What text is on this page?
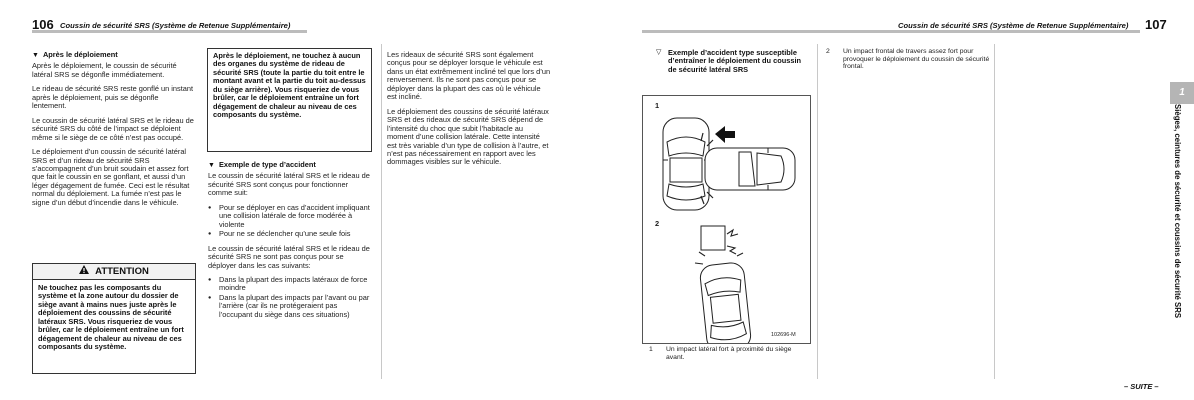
106 Coussin de sécurité SRS (Système de Retenue Supplémentaire)	Coussin de sécurité SRS (Système de Retenue Supplémentaire) 107
▼ Après le déploiement

Après le déploiement, le coussin de sécurité latéral SRS se dégonfle immédiatement.

Le rideau de sécurité SRS reste gonflé un instant après le déploiement, puis se dégonfle lentement.

Le coussin de sécurité latéral SRS et le rideau de sécurité SRS du côté de l’impact se déploient même si le siège de ce côté n’est pas occupé.

Le déploiement d’un coussin de sécurité latéral SRS et d’un rideau de sécurité SRS s’accompagnent d’un bruit soudain et assez fort que fait le coussin en se gonflant, et aussi d’un léger dégagement de fumée. Ceci est le résultat normal du déploiement. La fumée n’est pas le signe d’un début d’incendie dans le véhicule.

ATTENTION
Ne touchez pas les composants du système et la zone autour du dossier de siège avant à mains nues juste après le déploiement des coussins de sécurité latéraux SRS. Vous risqueriez de vous brûler, car le déploiement entraîne un fort dégagement de chaleur au niveau de ces composants du système.
Après le déploiement, ne touchez à aucun des organes du système de rideau de sécurité SRS (toute la partie du toit entre le montant avant et la partie du toit au-dessus du siège arrière). Vous risqueriez de vous brûler, car le déploiement entraîne un fort dégagement de chaleur au niveau de ces composants du système.
▼ Exemple de type d’accident

Le coussin de sécurité latéral SRS et le rideau de sécurité SRS sont conçus pour fonctionner comme suit:

● Pour se déployer en cas d’accident impliquant une collision latérale de force modérée à violente
● Pour ne se déclencher qu’une seule fois

Le coussin de sécurité latéral SRS et le rideau de sécurité SRS ne sont pas conçus pour se déployer dans les cas suivants:

● Dans la plupart des impacts latéraux de force moindre
● Dans la plupart des impacts par l’avant ou par l’arrière (car ils ne protégeraient pas l’occupant du siège dans ces situations)

Les rideaux de sécurité SRS sont également conçus pour se déployer lorsque le véhicule est dans un état extrêmement incliné tel que lors d’un renversement. Ils ne sont pas conçus pour se déployer dans la plupart des cas où le véhicule est incliné.

Le déploiement des coussins de sécurité latéraux SRS et des rideaux de sécurité SRS dépend de l’intensité du choc que subit l’habitacle au moment d’une collision latérale. Cette intensité est très variable d’un type de collision à l’autre, et n’est pas nécessairement en rapport avec les dommages visibles sur le véhicule.

▽ Exemple d’accident type susceptible d’entraîner le déploiement du coussin de sécurité latéral SRS
1
2
102696-M
1 Un impact latéral fort à proximité du siège avant.
2 Un impact frontal de travers assez fort pour provoquer le déploiement du coussin de sécurité frontal.
1
Sièges, ceintures de sécurité et coussins de sécurité SRS
– SUITE –
